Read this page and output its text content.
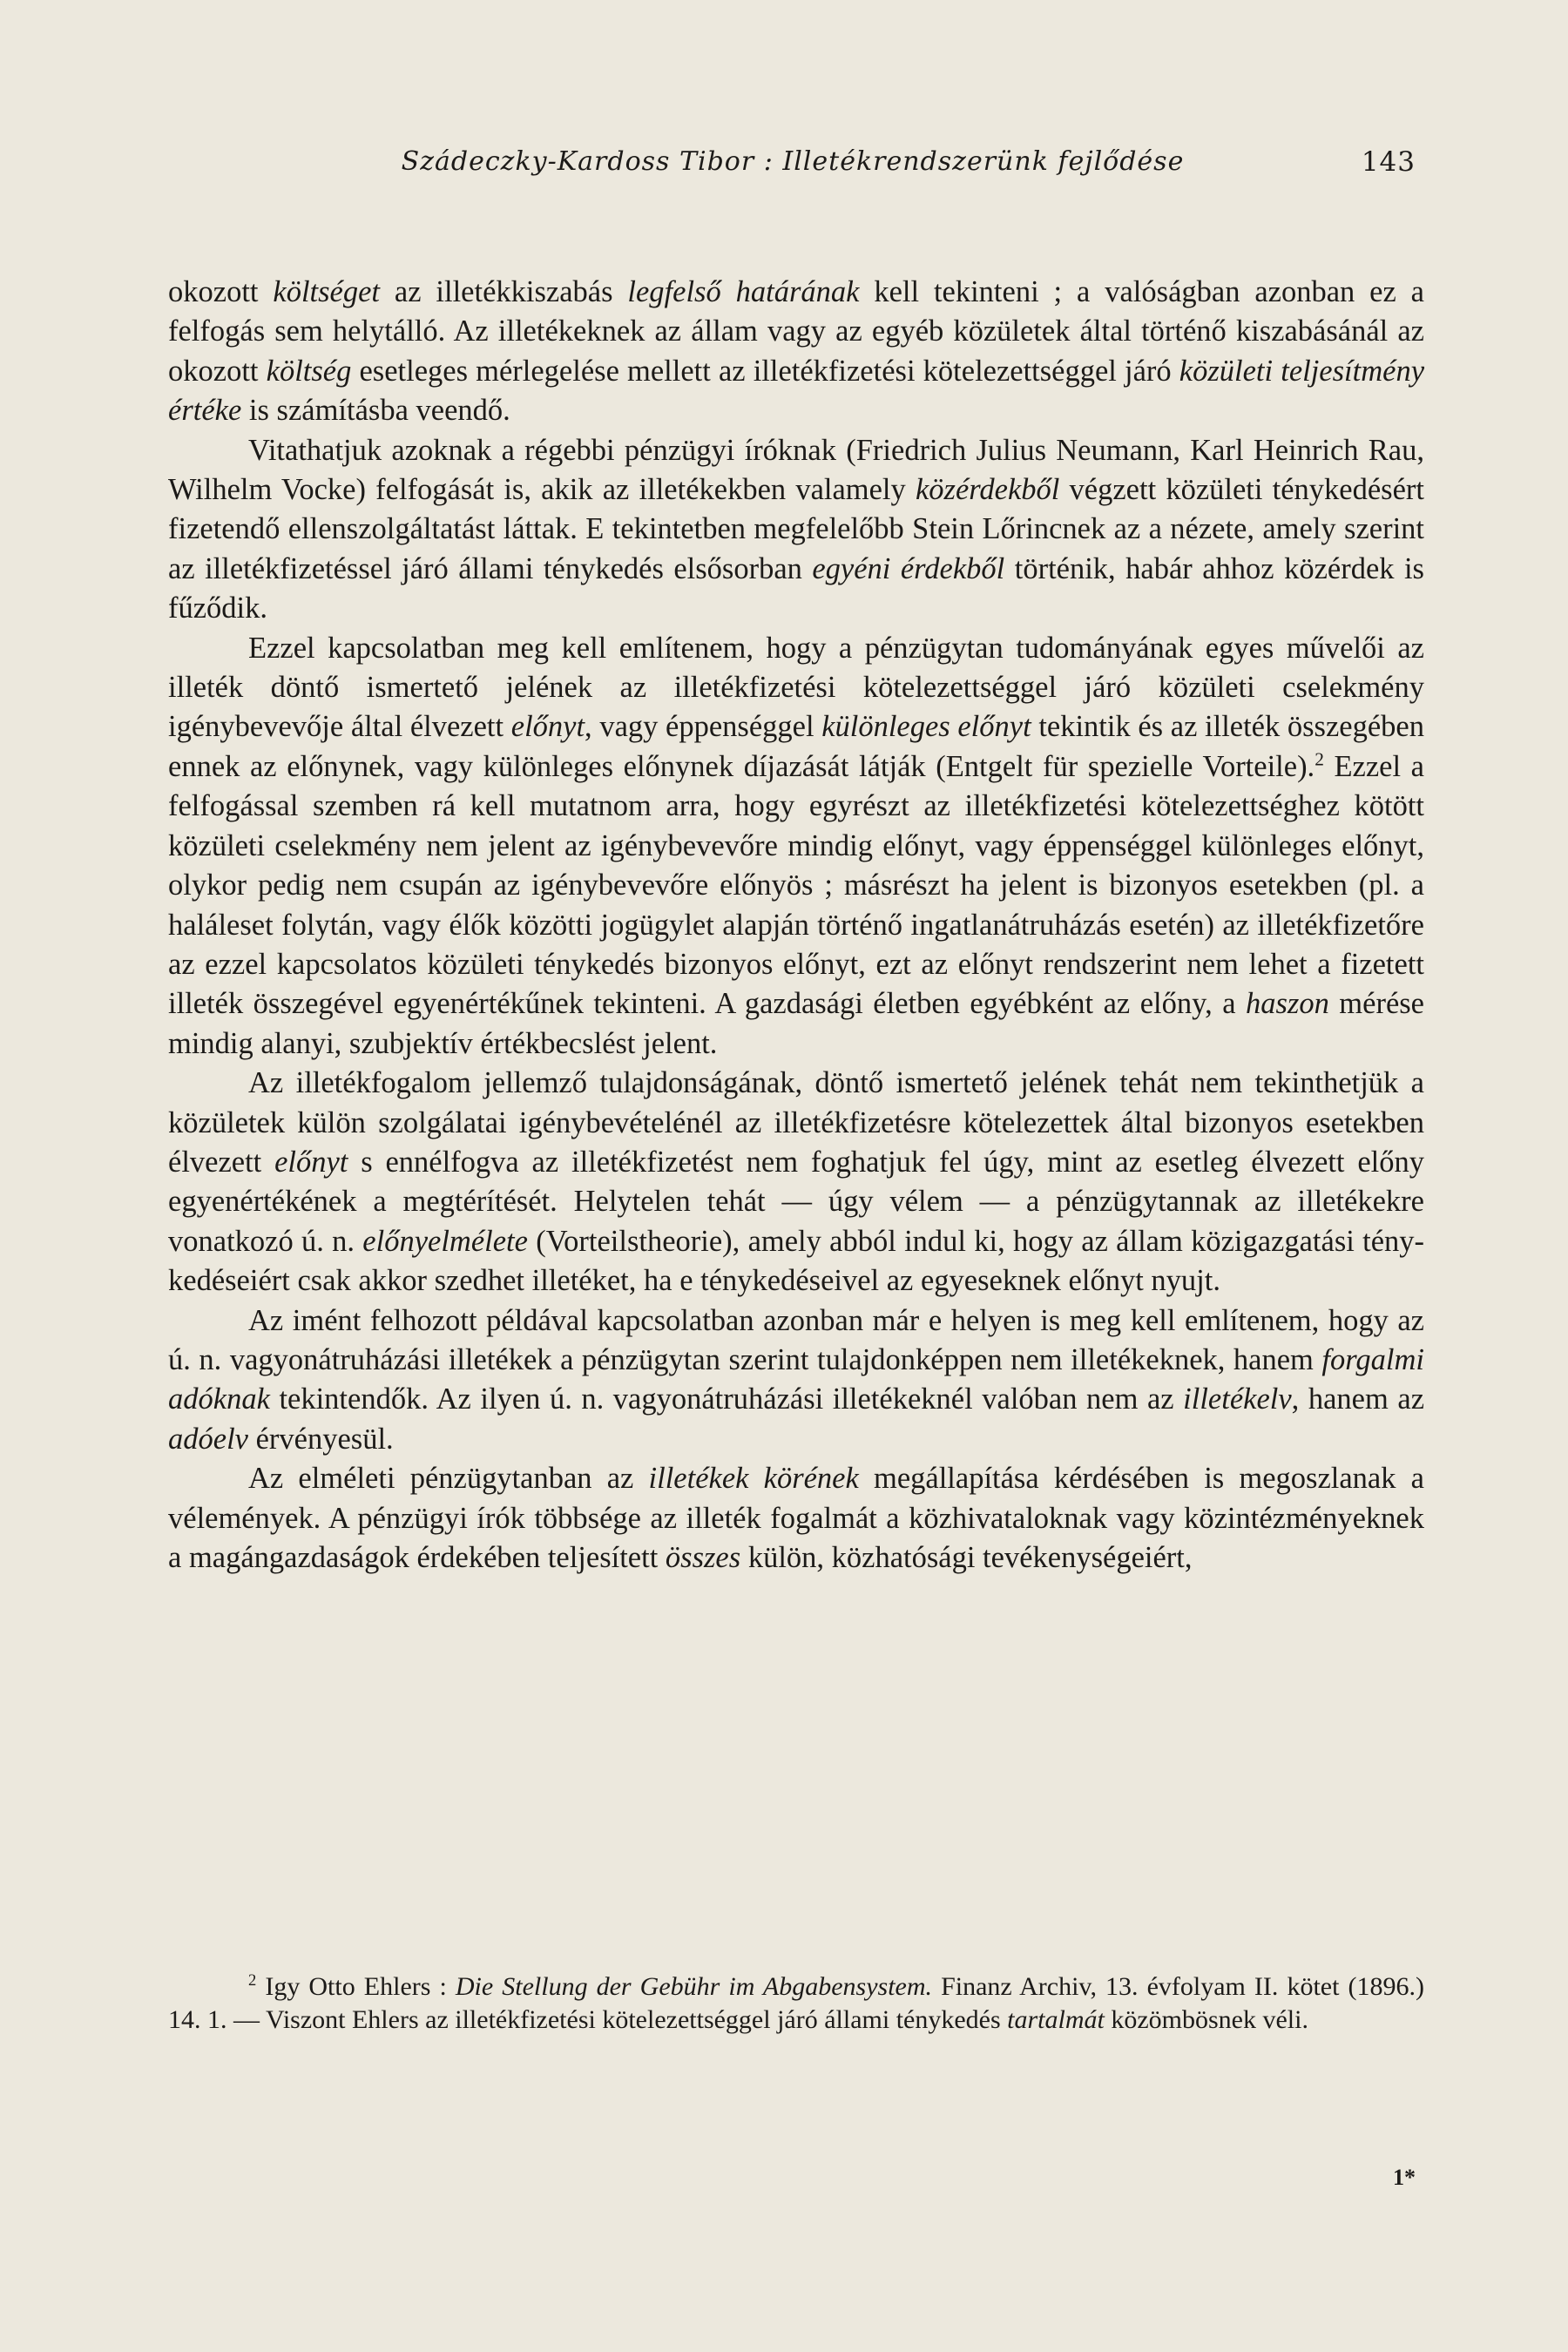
Szádeczky-Kardoss Tibor : Illetékrendszerünk fejlődése	143

okozott költséget az illetékkiszabás legfelső határának kell tekinteni ; a valóságban azonban ez a felfogás sem helytálló. Az illetékeknek az állam vagy az egyéb közületek által történő kiszabásánál az okozott költség esetleges mérlegelése mellett az illetékfizetési kötelezettséggel járó közületi teljesítmény értéke is számításba veendő.

Vitathatjuk azoknak a régebbi pénzügyi íróknak (Friedrich Julius Neumann, Karl Heinrich Rau, Wilhelm Vocke) felfogását is, akik az illetékekben valamely közérdekből végzett közületi ténykedésért fizetendő ellenszolgáltatást láttak. E tekintetben megfelelőbb Stein Lőrincnek az a nézete, amely szerint az illetékfizetéssel járó állami ténykedés elsősorban egyéni érdekből történik, habár ahhoz közérdek is fűződik.

Ezzel kapcsolatban meg kell említenem, hogy a pénzügytan tudományának egyes művelői az illeték döntő ismertető jelének az illetékfizetési kötelezettséggel járó közületi cselekmény igénybevevője által élvezett előnyt, vagy éppenséggel különleges előnyt tekintik és az illeték összegében ennek az előnynek, vagy különleges előnynek díjazását látják (Entgelt für spezielle Vorteile).$^2$ Ezzel a felfogással szemben rá kell mutatnom arra, hogy egyrészt az illetékfizetési kötelezettséghez kötött közületi cselekmény nem jelent az igénybevevőre mindig előnyt, vagy éppenséggel különleges előnyt, olykor pedig nem csupán az igénybevevőre előnyös ; másrészt ha jelent is bizonyos esetekben (pl. a haláleset folytán, vagy élők közötti jogügylet alapján történő ingatlanátruházás esetén) az illetékfizetőre az ezzel kapcsolatos közületi ténykedés bizonyos előnyt, ezt az előnyt rendszerint nem lehet a fizetett illeték összegével egyenértékűnek tekinteni. A gazdasági életben egyébként az előny, a haszon mérése mindig alanyi, szubjektív értékbecslést jelent.

Az illetékfogalom jellemző tulajdonságának, döntő ismertető jelének tehát nem tekinthetjük a közületek külön szolgálatai igénybevételénél az illetékfizetésre kötelezettek által bizonyos esetekben élvezett előnyt s ennélfogva az illetékfizetést nem foghatjuk fel úgy, mint az esetleg élvezett előny egyenértékének a megtérítését. Helytelen tehát — úgy vélem — a pénzügytannak az illetékekre vonatkozó ú. n. előnyelmélete (Vorteilstheorie), amely abból indul ki, hogy az állam közigazgatási ténykedéseiért csak akkor szedhet illetéket, ha e ténykedéseivel az egyeseknek előnyt nyujt.

Az imént felhozott példával kapcsolatban azonban már e helyen is meg kell említenem, hogy az ú. n. vagyonátruházási illetékek a pénzügytan szerint tulajdonképpen nem illetékeknek, hanem forgalmi adóknak tekintendők. Az ilyen ú. n. vagyonátruházási illetékeknél valóban nem az illetékelv, hanem az adóelv érvényesül.

Az elméleti pénzügytanban az illetékek körének megállapítása kérdésében is megoszlanak a vélemények. A pénzügyi írók többsége az illeték fogalmát a közhivataloknak vagy közintézményeknek a magángazdaságok érdekében teljesített összes külön, közhatósági tevékenységeiért,

$^2$ Igy Otto Ehlers : Die Stellung der Gebühr im Abgabensystem. Finanz Archiv, 13. évfolyam II. kötet (1896.) 14. 1. — Viszont Ehlers az illetékfizetési kötelezettséggel járó állami ténykedés tartalmát közömbösnek véli.

1*
